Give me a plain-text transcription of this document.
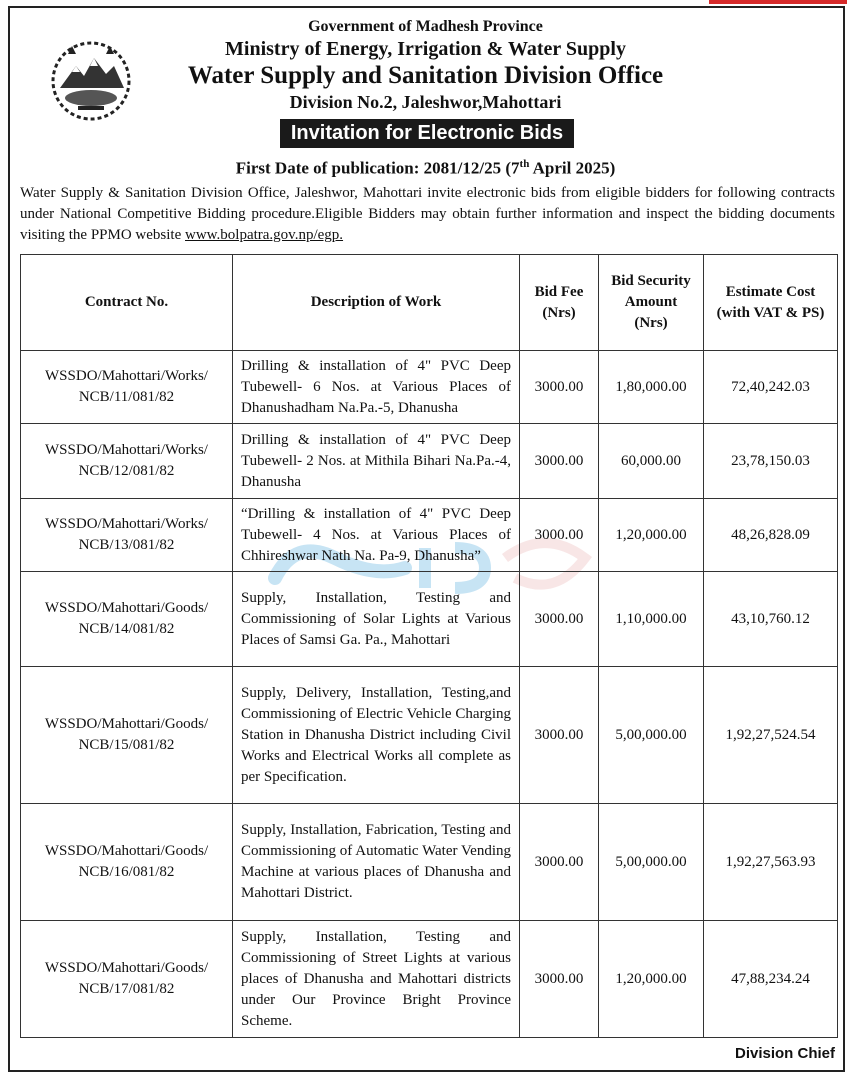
Government of Madhesh Province
Ministry of Energy, Irrigation & Water Supply
Water Supply and Sanitation Division Office
Division No.2, Jaleshwor,Mahottari
Invitation for Electronic Bids
First Date of publication: 2081/12/25 (7th April 2025)
Water Supply & Sanitation Division Office, Jaleshwor, Mahottari invite electronic bids from eligible bidders for following contracts under National Competitive Bidding procedure.Eligible Bidders may obtain further information and inspect the bidding documents visiting the PPMO website www.bolpatra.gov.np/egp.
Contract No.	Description of Work	Bid Fee (Nrs)	Bid Security Amount (Nrs)	Estimate Cost (with VAT & PS)
WSSDO/Mahottari/Works/
NCB/11/081/82	Drilling & installation of 4" PVC Deep Tubewell- 6 Nos. at Various Places of Dhanushadham Na.Pa.-5, Dhanusha	3000.00	1,80,000.00	72,40,242.03
WSSDO/Mahottari/Works/
NCB/12/081/82	Drilling & installation of 4" PVC Deep Tubewell- 2 Nos. at Mithila Bihari Na.Pa.-4, Dhanusha	3000.00	60,000.00	23,78,150.03
WSSDO/Mahottari/Works/
NCB/13/081/82	“Drilling & installation of 4" PVC Deep Tubewell- 4 Nos. at Various Places of Chhireshwar Nath Na. Pa-9, Dhanusha”	3000.00	1,20,000.00	48,26,828.09
WSSDO/Mahottari/Goods/
NCB/14/081/82	Supply, Installation, Testing and Commissioning of Solar Lights at Various Places of Samsi Ga. Pa., Mahottari	3000.00	1,10,000.00	43,10,760.12
WSSDO/Mahottari/Goods/
NCB/15/081/82	Supply, Delivery, Installation, Testing,and Commissioning of Electric Vehicle Charging Station in Dhanusha District including Civil Works and Electrical Works all complete as per Specification.	3000.00	5,00,000.00	1,92,27,524.54
WSSDO/Mahottari/Goods/
NCB/16/081/82	Supply, Installation, Fabrication, Testing and Commissioning of Automatic Water Vending Machine at various places of Dhanusha and Mahottari District.	3000.00	5,00,000.00	1,92,27,563.93
WSSDO/Mahottari/Goods/
NCB/17/081/82	Supply, Installation, Testing and Commissioning of Street Lights at various places of Dhanusha and Mahottari districts under Our Province Bright Province Scheme.	3000.00	1,20,000.00	47,88,234.24
Division Chief
